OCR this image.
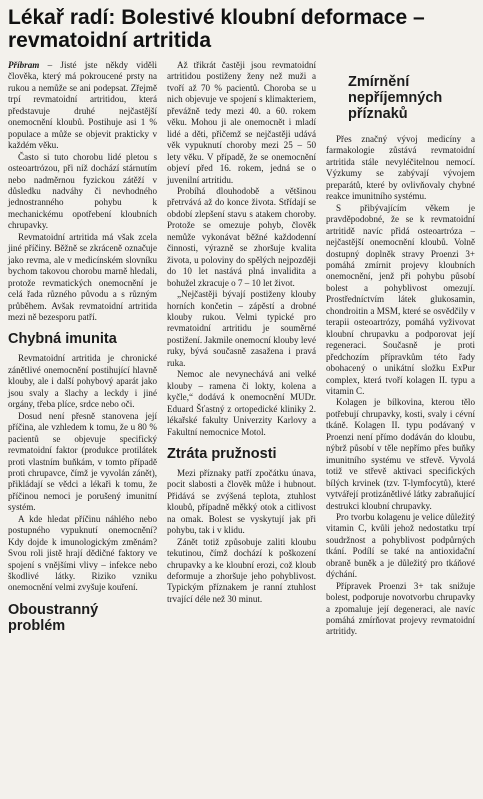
Lékař radí: Bolestivé kloubní deformace – revmatoidní artritida

Příbram – Jisté jste někdy viděli člověka, který má pokroucené prsty na rukou a nemůže se ani podepsat. Zřejmě trpí revmatoidní artritidou, která představuje druhé nejčastější onemocnění kloubů. Postihuje asi 1 % populace a může se objevit prakticky v každém věku.

Často si tuto chorobu lidé pletou s osteoartrózou, při níž dochází stárnutím nebo nadměrnou fyzickou zátěží v důsledku nadváhy či nevhodného jednostranného pohybu k mechanickému opotřebení kloubních chrupavky.

Revmatoidní artritida má však zcela jiné příčiny. Běžně se zkráceně označuje jako revma, ale v medicínském slovníku bychom takovou chorobu marně hledali, protože revmatických onemocnění je celá řada různého původu a s různým průběhem. Avšak revmatoidní artritida mezi ně bezesporu patří.

Chybná imunita

Revmatoidní artritida je chronické zánětlivé onemocnění postihující hlavně klouby, ale i další pohybový aparát jako jsou svaly a šlachy a leckdy i jiné orgány, třeba plíce, srdce nebo oči.

Dosud není přesně stanovena její příčina, ale vzhledem k tomu, že u 80 % pacientů se objevuje specifický revmatoidní faktor (produkce protilátek proti vlastním buňkám, v tomto případě proti chrupavce, čímž je vyvolán zánět), přikládají se vědci a lékaři k tomu, že příčinou nemoci je porušený imunitní systém.

A kde hledat příčinu náhlého nebo postupného vypuknutí onemocnění? Kdy dojde k imunologickým změnám? Svou roli jistě hrají dědičné faktory ve spojení s vnějšími vlivy – infekce nebo škodlivé látky. Riziko vzniku onemocnění velmi zvyšuje kouření.

Oboustranný problém

Až třikrát častěji jsou revmatoidní artritidou postiženy ženy než muži a tvoří až 70 % pacientů. Choroba se u nich objevuje ve spojení s klimakteriem, převážně tedy mezi 40. a 60. rokem věku. Mohou ji ale onemocnět i mladí lidé a děti, přičemž se nejčastěji udává věk vypuknutí choroby mezi 25 – 50 lety věku. V případě, že se onemocnění objeví před 16. rokem, jedná se o juvenilní artritidu.

Probíhá dlouhodobě a většinou přetrvává až do konce života. Střídají se období zlepšení stavu s atakem choroby. Protože se omezuje pohyb, člověk nemůže vykonávat běžné každodenní činnosti, výrazně se zhoršuje kvalita života, u poloviny do spělých nejpozději do 10 let nastává plná invalidita a bohužel zkracuje o 7 – 10 let život.

„Nejčastěji bývají postiženy klouby horních končetin – zápěstí a drobné klouby rukou. Velmi typické pro revmatoidní artritidu je souměrné postižení. Jakmile onemocní klouby levé ruky, bývá současně zasažena i pravá ruka.

Nemoc ale nevynechává ani velké klouby – ramena či lokty, kolena a kyčle,“ dodává k onemocnění MUDr. Eduard Šťastný z ortopedické kliniky 2. lékařské fakulty Univerzity Karlovy a Fakultní nemocnice Motol.

Ztráta pružnosti

Mezi příznaky patří zpočátku únava, pocit slabosti a člověk může i hubnout. Přidává se zvýšená teplota, ztuhlost kloubů, případně měkký otok a citlivost na omak. Bolest se vyskytují jak při pohybu, tak i v klidu.

Zánět totiž způsobuje zaliti kloubu tekutinou, čímž dochází k poškození chrupavky a ke kloubní erozi, což kloub deformuje a zhoršuje jeho pohyblivost. Typickým příznakem je ranní ztuhlost trvající déle než 30 minut.

Zmírnění nepříjemných příznaků

Přes značný vývoj medicíny a farmakologie zůstává revmatoidní artritida stále nevyléčitelnou nemocí. Výzkumy se zabývají vývojem preparátů, které by ovlivňovaly chybné reakce imunitního systému.

S přibývajícím věkem je pravděpodobné, že se k revmatoidní artritidě navíc přidá osteoartróza – nejčastější onemocnění kloubů. Volně dostupný doplněk stravy Proenzi 3+ pomáhá zmírnit projevy kloubních onemocnění, jenž při pohybu působí bolest a pohyblivost omezují. Prostředníctvím látek glukosamin, chondroitin a MSM, které se osvědčily v terapii osteoartrózy, pomáhá vyživovat kloubní chrupavku a podporovat její regeneraci. Současně je proti předchozím přípravkům této řady obohacený o unikátní složku ExPur complex, která tvoří kolagen II. typu a vitamin C.

Kolagen je bílkovina, kterou tělo potřebují chrupavky, kosti, svaly i cévní tkáně. Kolagen II. typu podávaný v Proenzi není přímo dodáván do kloubu, nýbrž působí v těle nepřímo přes buňky imunitního systému ve střevě. Vyvolá totiž ve střevě aktivaci specifických bílých krvinek (tzv. T-lymfocytů), které vytvářejí protizánětlivé látky zabraňující destrukci kloubní chrupavky.

Pro tvorbu kolagenu je velice důležitý vitamin C, kvůli jehož nedostatku trpí soudržnost a pohyblivost podpůrných tkání. Podílí se také na antioxidační obraně buněk a je důležitý pro tkáňové dýchání.

Přípravek Proenzi 3+ tak snižuje bolest, podporuje novotvorbu chrupavky a zpomaluje její degeneraci, ale navíc pomáhá zmírňovat projevy revmatoidní artritidy.
